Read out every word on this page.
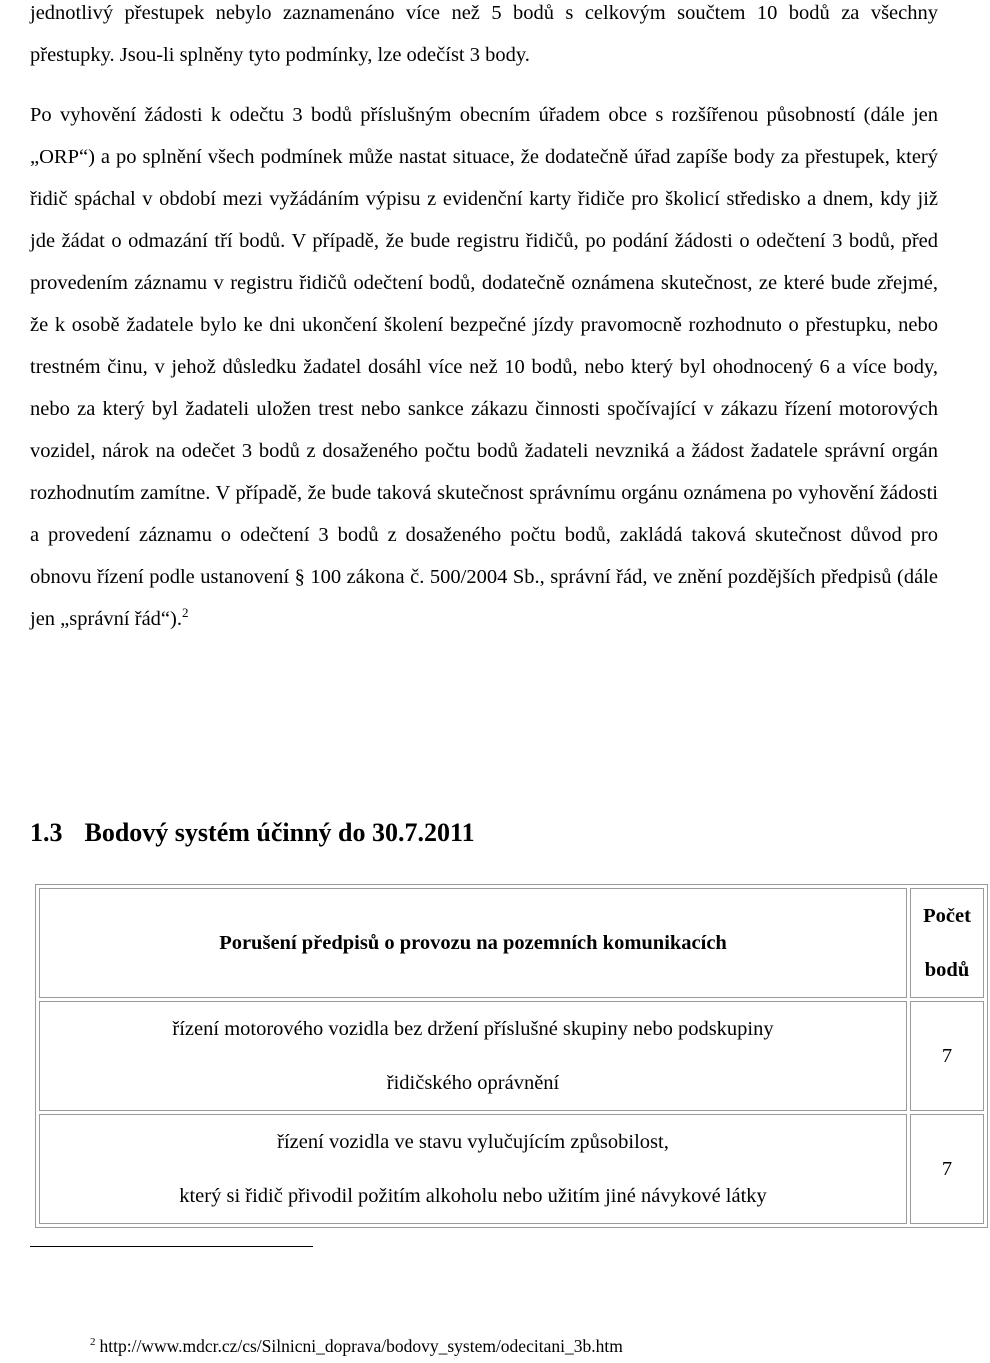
jednotlivý přestupek nebylo zaznamenáno více než 5 bodů s celkovým součtem 10 bodů za všechny přestupky. Jsou-li splněny tyto podmínky, lze odečíst 3 body.

Po vyhovění žádosti k odečtu 3 bodů příslušným obecním úřadem obce s rozšířenou působností (dále jen „ORP“) a po splnění všech podmínek může nastat situace, že dodatečně úřad zapíše body za přestupek, který řidič spáchal v období mezi vyžádáním výpisu z evidenční karty řidiče pro školicí středisko a dnem, kdy již jde žádat o odmazání tří bodů. V případě, že bude registru řidičů, po podání žádosti o odečtení 3 bodů, před provedením záznamu v registru řidičů odečtení bodů, dodatečně oznámena skutečnost, ze které bude zřejmé, že k osobě žadatele bylo ke dni ukončení školení bezpečné jízdy pravomocně rozhodnuto o přestupku, nebo trestném činu, v jehož důsledku žadatel dosáhl více než 10 bodů, nebo který byl ohodnocený 6 a více body, nebo za který byl žadateli uložen trest nebo sankce zákazu činnosti spočívající v zákazu řízení motorových vozidel, nárok na odečet 3 bodů z dosaženého počtu bodů žadateli nevzniká a žádost žadatele správní orgán rozhodnutím zamítne. V případě, že bude taková skutečnost správnímu orgánu oznámena po vyhovění žádosti a provedení záznamu o odečtení 3 bodů z dosaženého počtu bodů, zakládá taková skutečnost důvod pro obnovu řízení podle ustanovení § 100 zákona č. 500/2004 Sb., správní řád, ve znění pozdějších předpisů (dále jen „správní řád“).$^2$

1.3 Bodový systém účinný do 30.7.2011
Porušení předpisů o provozu na pozemních komunikacích	Počet bodů

řízení motorového vozidla bez držení příslušné skupiny nebo podskupiny
řidičského oprávnění	7

řízení vozidla ve stavu vylučujícím způsobilost,
který si řidič přivodil požitím alkoholu nebo užitím jiné návykové látky	7
$^2$ http://www.mdcr.cz/cs/Silnicni_doprava/bodovy_system/odecitani_3b.htm
